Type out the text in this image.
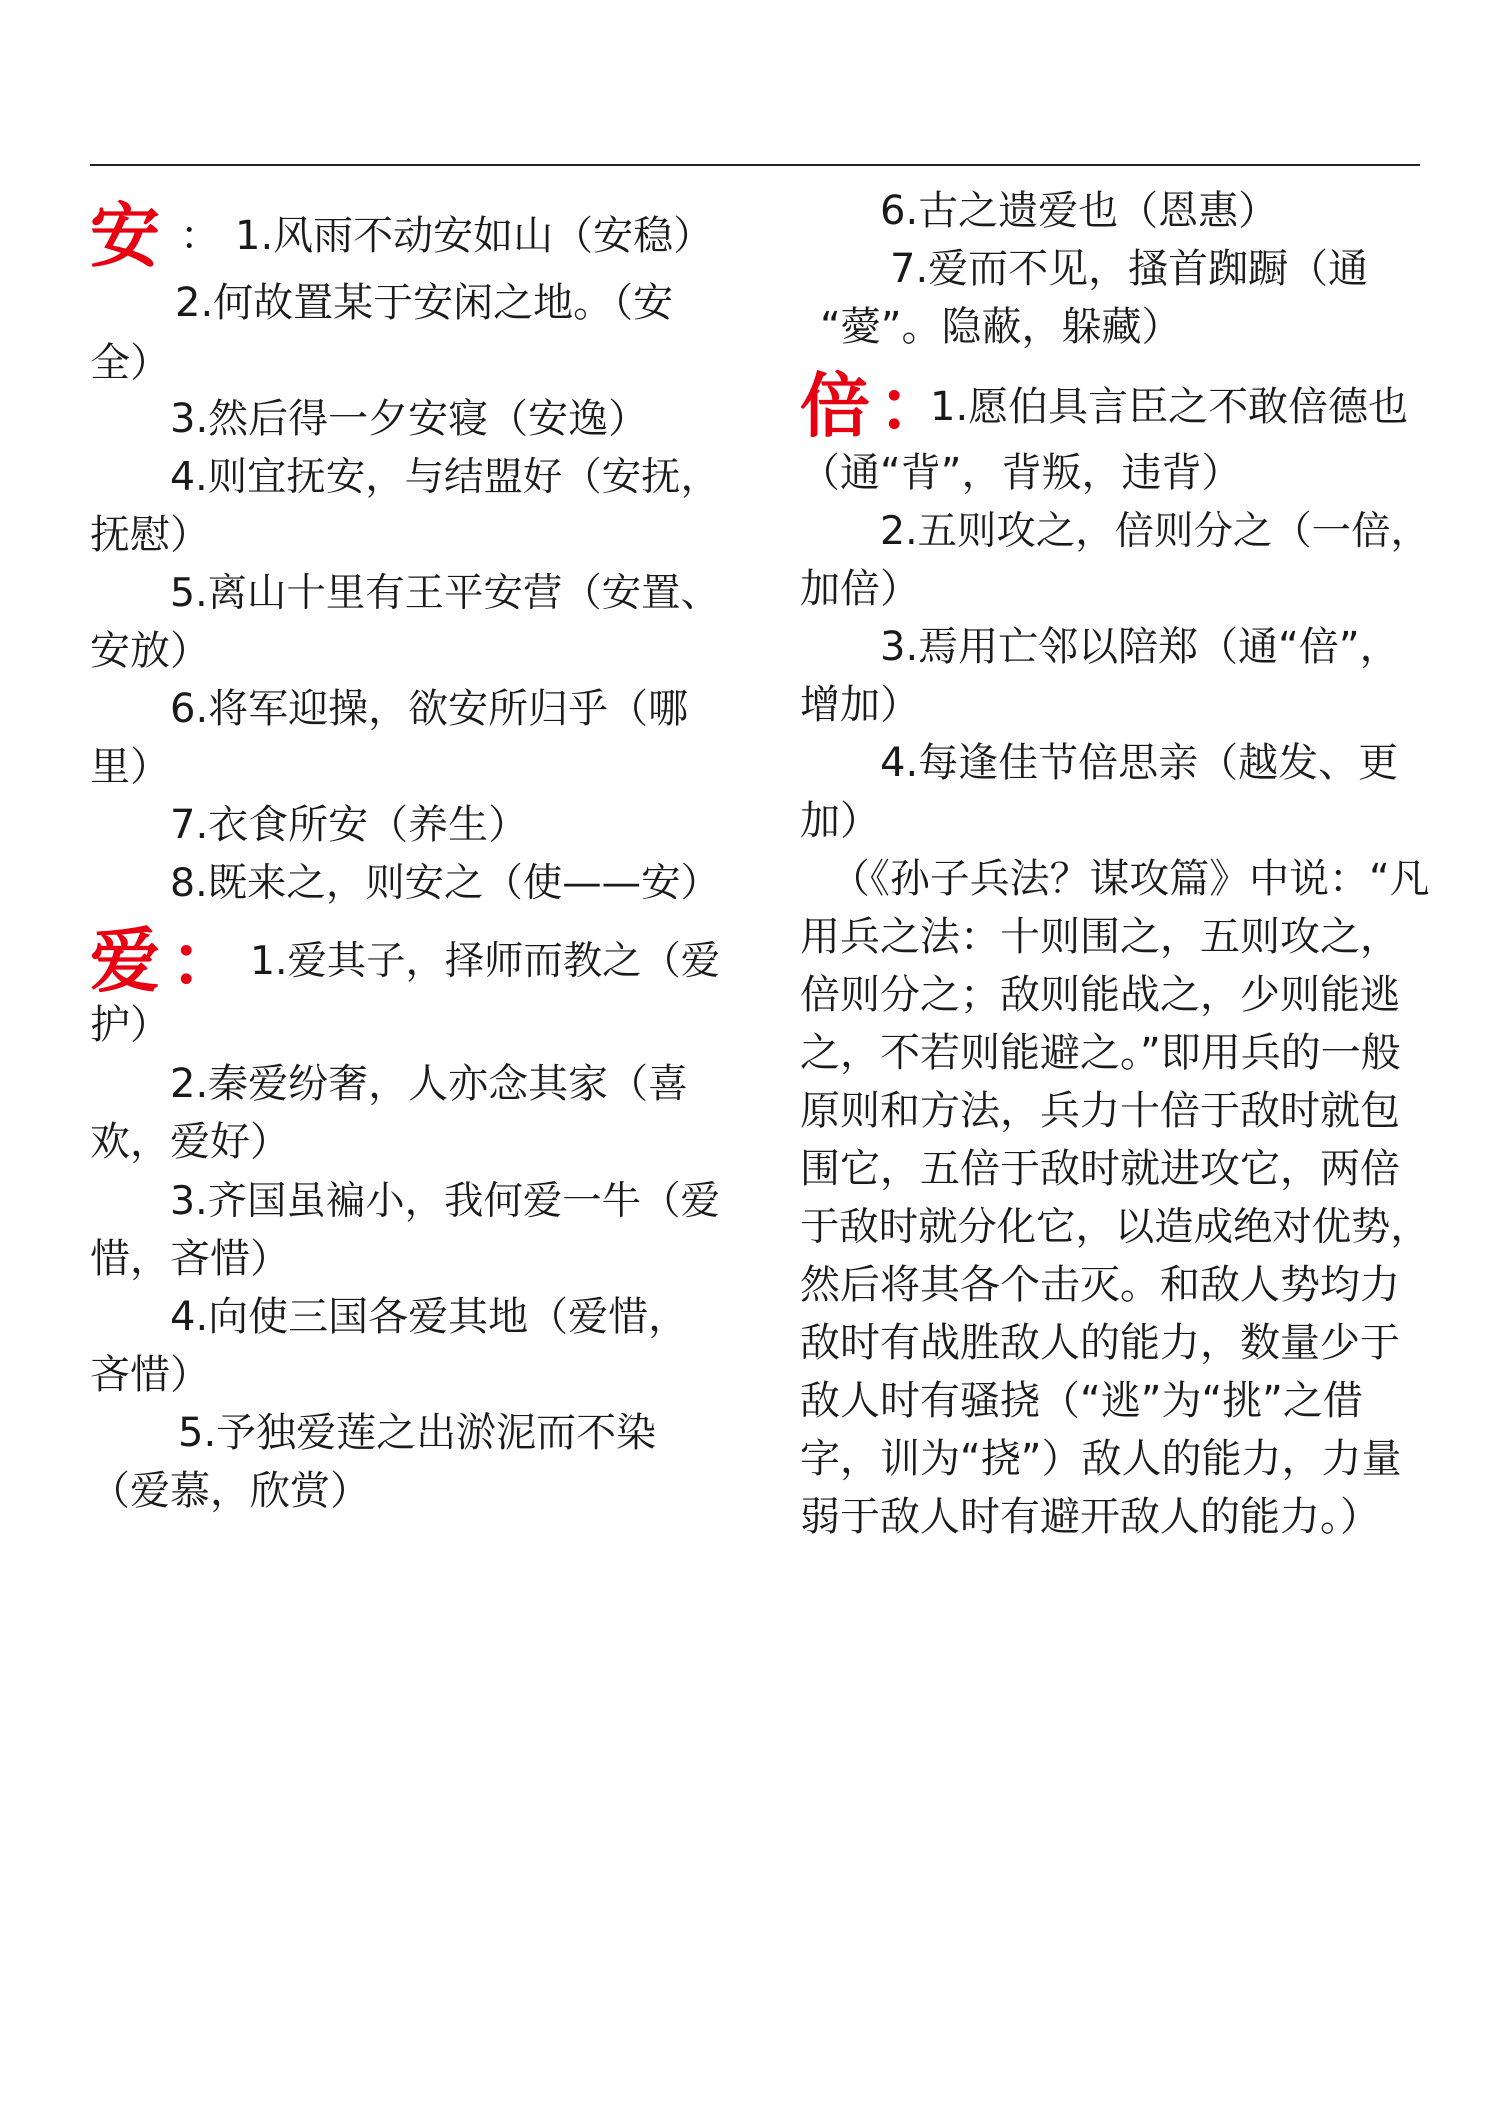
安 ： 1.风雨不动安如山（安稳）
2.何故置某于安闲之地。（安
全）
3.然后得一夕安寝（安逸）
4.则宜抚安，与结盟好（安抚，
抚慰）
5.离山十里有王平安营（安置、
安放）
6.将军迎操，欲安所归乎（哪
里）
7.衣食所安（养生）
8.既来之，则安之（使——安）
爱 ： 1.爱其子，择师而教之（爱
护）
2.秦爱纷奢，人亦念其家（喜
欢，爱好）
3.齐国虽褊小，我何爱一牛（爱
惜，吝惜）
4.向使三国各爱其地（爱惜，
吝惜）
5.予独爱莲之出淤泥而不染
（爱慕，欣赏）
6.古之遗爱也（恩惠）
7.爱而不见，搔首踟蹰（通
“薆”。隐蔽，躲藏）
倍 ：
1.愿伯具言臣之不敢倍德也
（通“背”，背叛，违背）
2.五则攻之，倍则分之（一倍，
加倍）
3.焉用亡邻以陪郑（通“倍”，
增加）
4.每逢佳节倍思亲（越发、更
加）
（《孙子兵法？谋攻篇》中说：“凡
用兵之法：十则围之，五则攻之，
倍则分之；敌则能战之，少则能逃
之，不若则能避之。”即用兵的一般
原则和方法，兵力十倍于敌时就包
围它，五倍于敌时就进攻它，两倍
于敌时就分化它，以造成绝对优势，
然后将其各个击灭。和敌人势均力
敌时有战胜敌人的能力，数量少于
敌人时有骚挠（“逃”为“挑”之借
字，训为“挠”）敌人的能力，力量
弱于敌人时有避开敌人的能力。）
